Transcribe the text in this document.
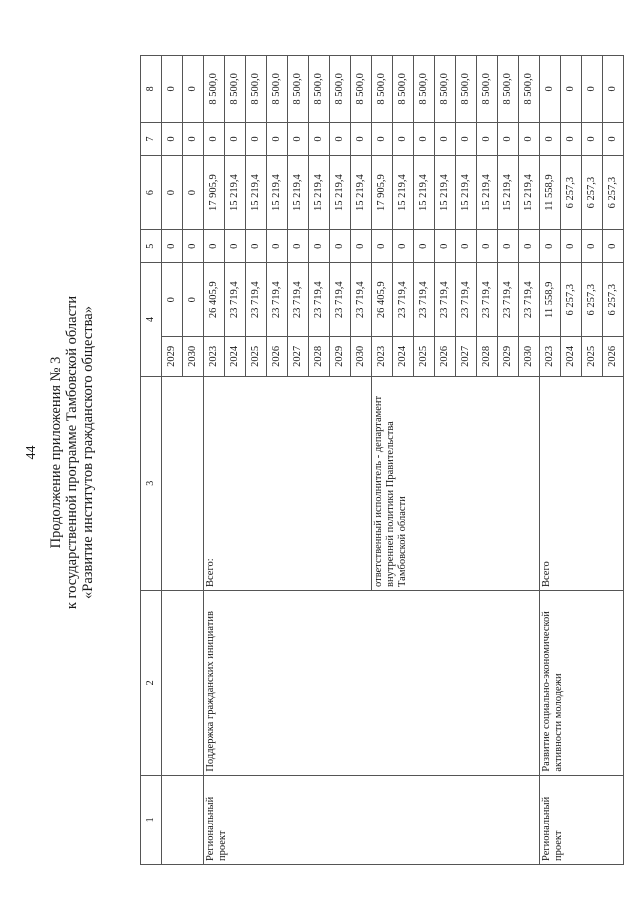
44 Продолжение приложения № 3 к государственной программе Тамбовской области «Развитие институтов гражданского общества»
1	2	3	4		5	6	7	8
			2029	0	0	0	0	0
			2030	0	0	0	0	0
Региональный проект	Поддержка гражданских инициатив	Всего:	2023	26 405,9	0	17 905,9	0	8 500,0
			2024	23 719,4	0	15 219,4	0	8 500,0
			2025	23 719,4	0	15 219,4	0	8 500,0
			2026	23 719,4	0	15 219,4	0	8 500,0
			2027	23 719,4	0	15 219,4	0	8 500,0
			2028	23 719,4	0	15 219,4	0	8 500,0
			2029	23 719,4	0	15 219,4	0	8 500,0
			2030	23 719,4	0	15 219,4	0	8 500,0
		ответственный исполнитель - департамент внутренней политики Правительства Тамбовской области	2023	26 405,9	0	17 905,9	0	8 500,0
			2024	23 719,4	0	15 219,4	0	8 500,0
			2025	23 719,4	0	15 219,4	0	8 500,0
			2026	23 719,4	0	15 219,4	0	8 500,0
			2027	23 719,4	0	15 219,4	0	8 500,0
			2028	23 719,4	0	15 219,4	0	8 500,0
			2029	23 719,4	0	15 219,4	0	8 500,0
			2030	23 719,4	0	15 219,4	0	8 500,0
Региональный проект	Развитие социально-экономической активности молодежи	Всего	2023	11 558,9	0	11 558,9	0	0
			2024	6 257,3	0	6 257,3	0	0
			2025	6 257,3	0	6 257,3	0	0
			2026	6 257,3	0	6 257,3	0	0
